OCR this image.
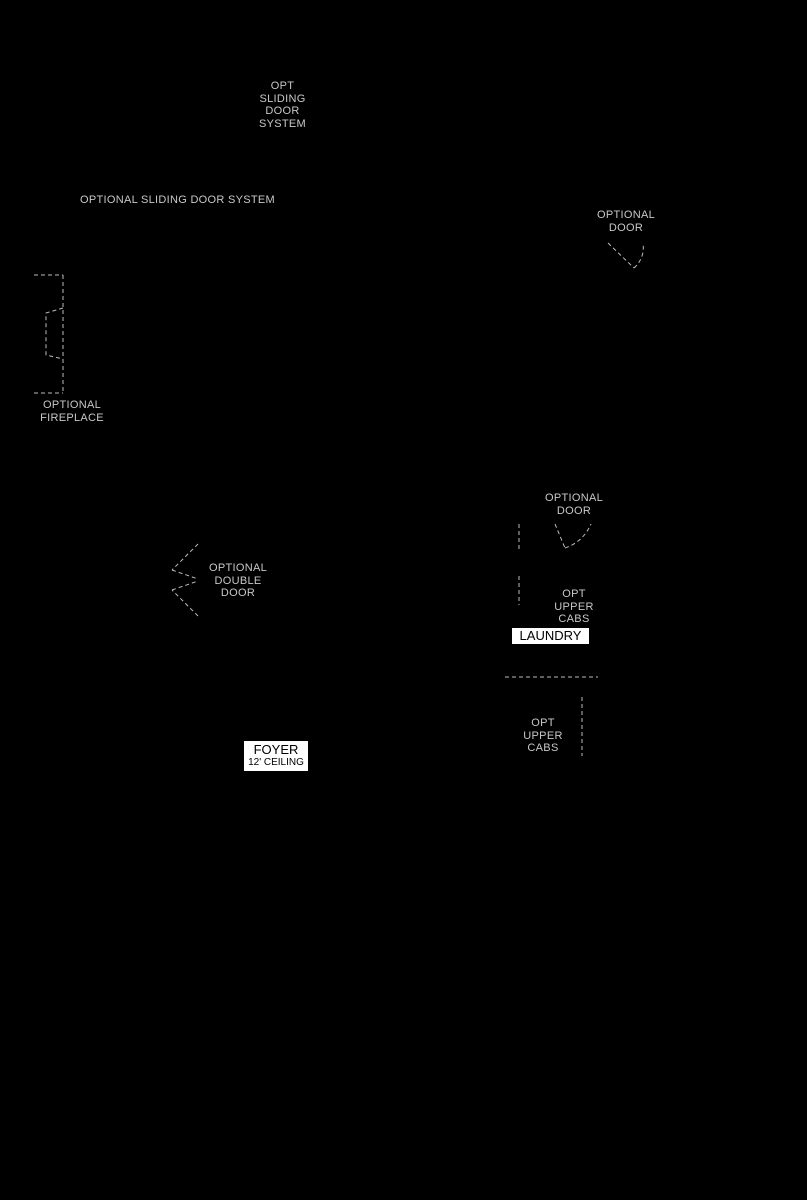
OPT
SLIDING
DOOR
SYSTEM
OPTIONAL SLIDING DOOR SYSTEM
OPTIONAL
DOOR
OPTIONAL
FIREPLACE
OPTIONAL
DOOR
OPTIONAL
DOUBLE
DOOR	OPT
UPPER
CABS
OPT
UPPER
CABS
LAUNDRY
FOYER
12' CEILING
